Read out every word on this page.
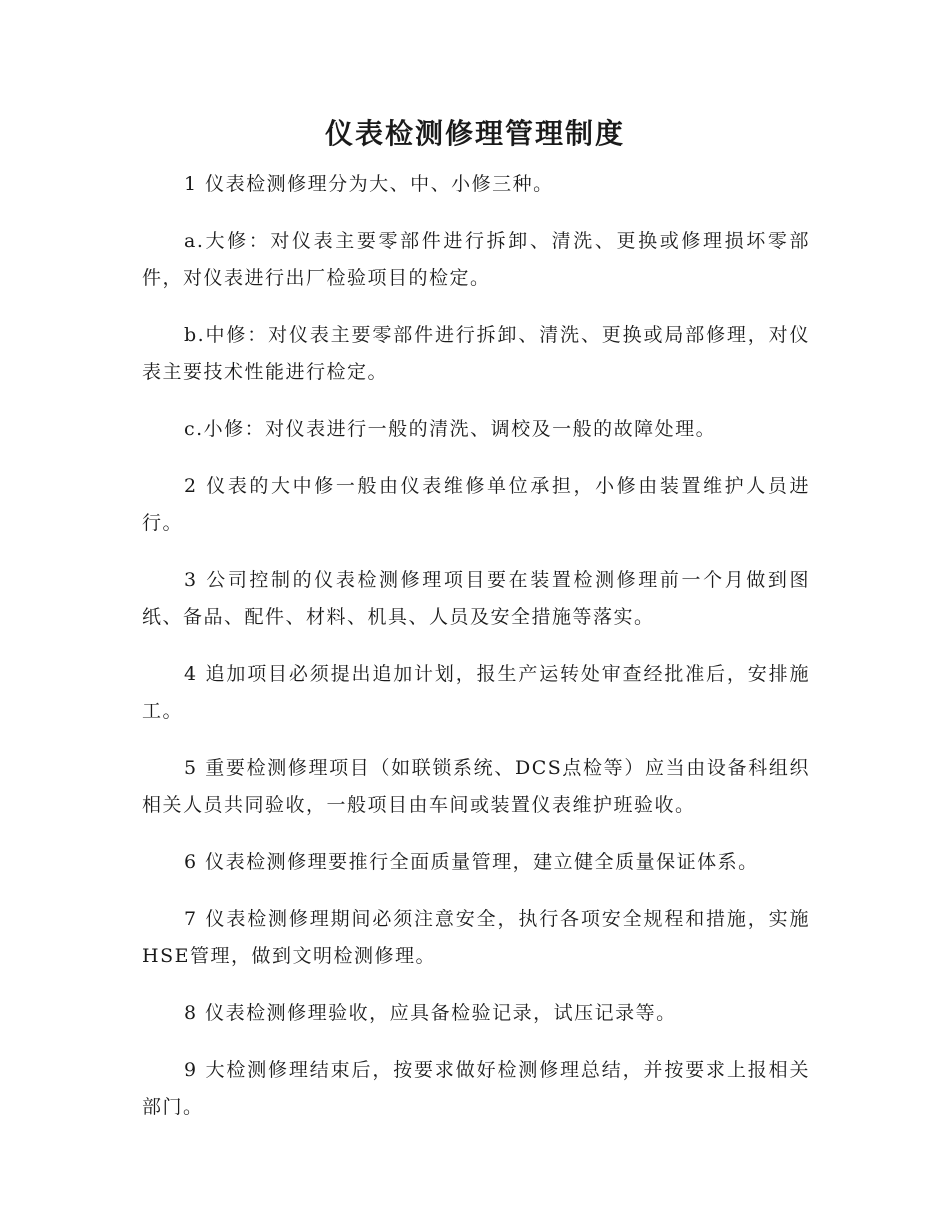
仪表检测修理管理制度

1 仪表检测修理分为大、中、小修三种。

a.大修：对仪表主要零部件进行拆卸、清洗、更换或修理损坏零部件，对仪表进行出厂检验项目的检定。

b.中修：对仪表主要零部件进行拆卸、清洗、更换或局部修理，对仪表主要技术性能进行检定。

c.小修：对仪表进行一般的清洗、调校及一般的故障处理。

2 仪表的大中修一般由仪表维修单位承担，小修由装置维护人员进行。

3 公司控制的仪表检测修理项目要在装置检测修理前一个月做到图纸、备品、配件、材料、机具、人员及安全措施等落实。

4 追加项目必须提出追加计划，报生产运转处审查经批准后，安排施工。

5 重要检测修理项目（如联锁系统、DCS点检等）应当由设备科组织相关人员共同验收，一般项目由车间或装置仪表维护班验收。

6 仪表检测修理要推行全面质量管理，建立健全质量保证体系。

7 仪表检测修理期间必须注意安全，执行各项安全规程和措施，实施HSE管理，做到文明检测修理。

8 仪表检测修理验收，应具备检验记录，试压记录等。

9 大检测修理结束后，按要求做好检测修理总结，并按要求上报相关部门。
